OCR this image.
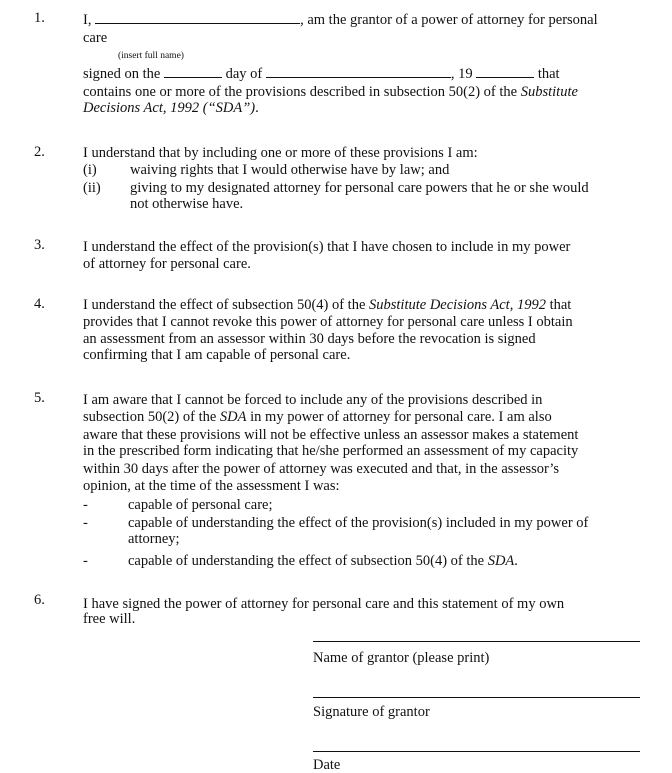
1.	I,	, am the grantor of a power of attorney for personal
care
(insert full name)
signed on the	day of	, 19	that
contains one or more of the provisions described in subsection 50(2) of the Substitute
Decisions Act, 1992 (“SDA”).
2.	I understand that by including one or more of these provisions I am:
(i) waiving rights that I would otherwise have by law; and
(ii) giving to my designated attorney for personal care powers that he or she would
not otherwise have.
3.	I understand the effect of the provision(s) that I have chosen to include in my power
of attorney for personal care.
4.	I understand the effect of subsection 50(4) of the Substitute Decisions Act, 1992 that
provides that I cannot revoke this power of attorney for personal care unless I obtain
an assessment from an assessor within 30 days before the revocation is signed
confirming that I am capable of personal care.
5.	I am aware that I cannot be forced to include any of the provisions described in
subsection 50(2) of the SDA in my power of attorney for personal care. I am also
aware that these provisions will not be effective unless an assessor makes a statement
in the prescribed form indicating that he/she performed an assessment of my capacity
within 30 days after the power of attorney was executed and that, in the assessor’s
opinion, at the time of the assessment I was:
-	capable of personal care;
-	capable of understanding the effect of the provision(s) included in my power of
attorney;
-	capable of understanding the effect of subsection 50(4) of the SDA.
6.	I have signed the power of attorney for personal care and this statement of my own
free will.
Name of grantor (please print)
Signature of grantor
Date
